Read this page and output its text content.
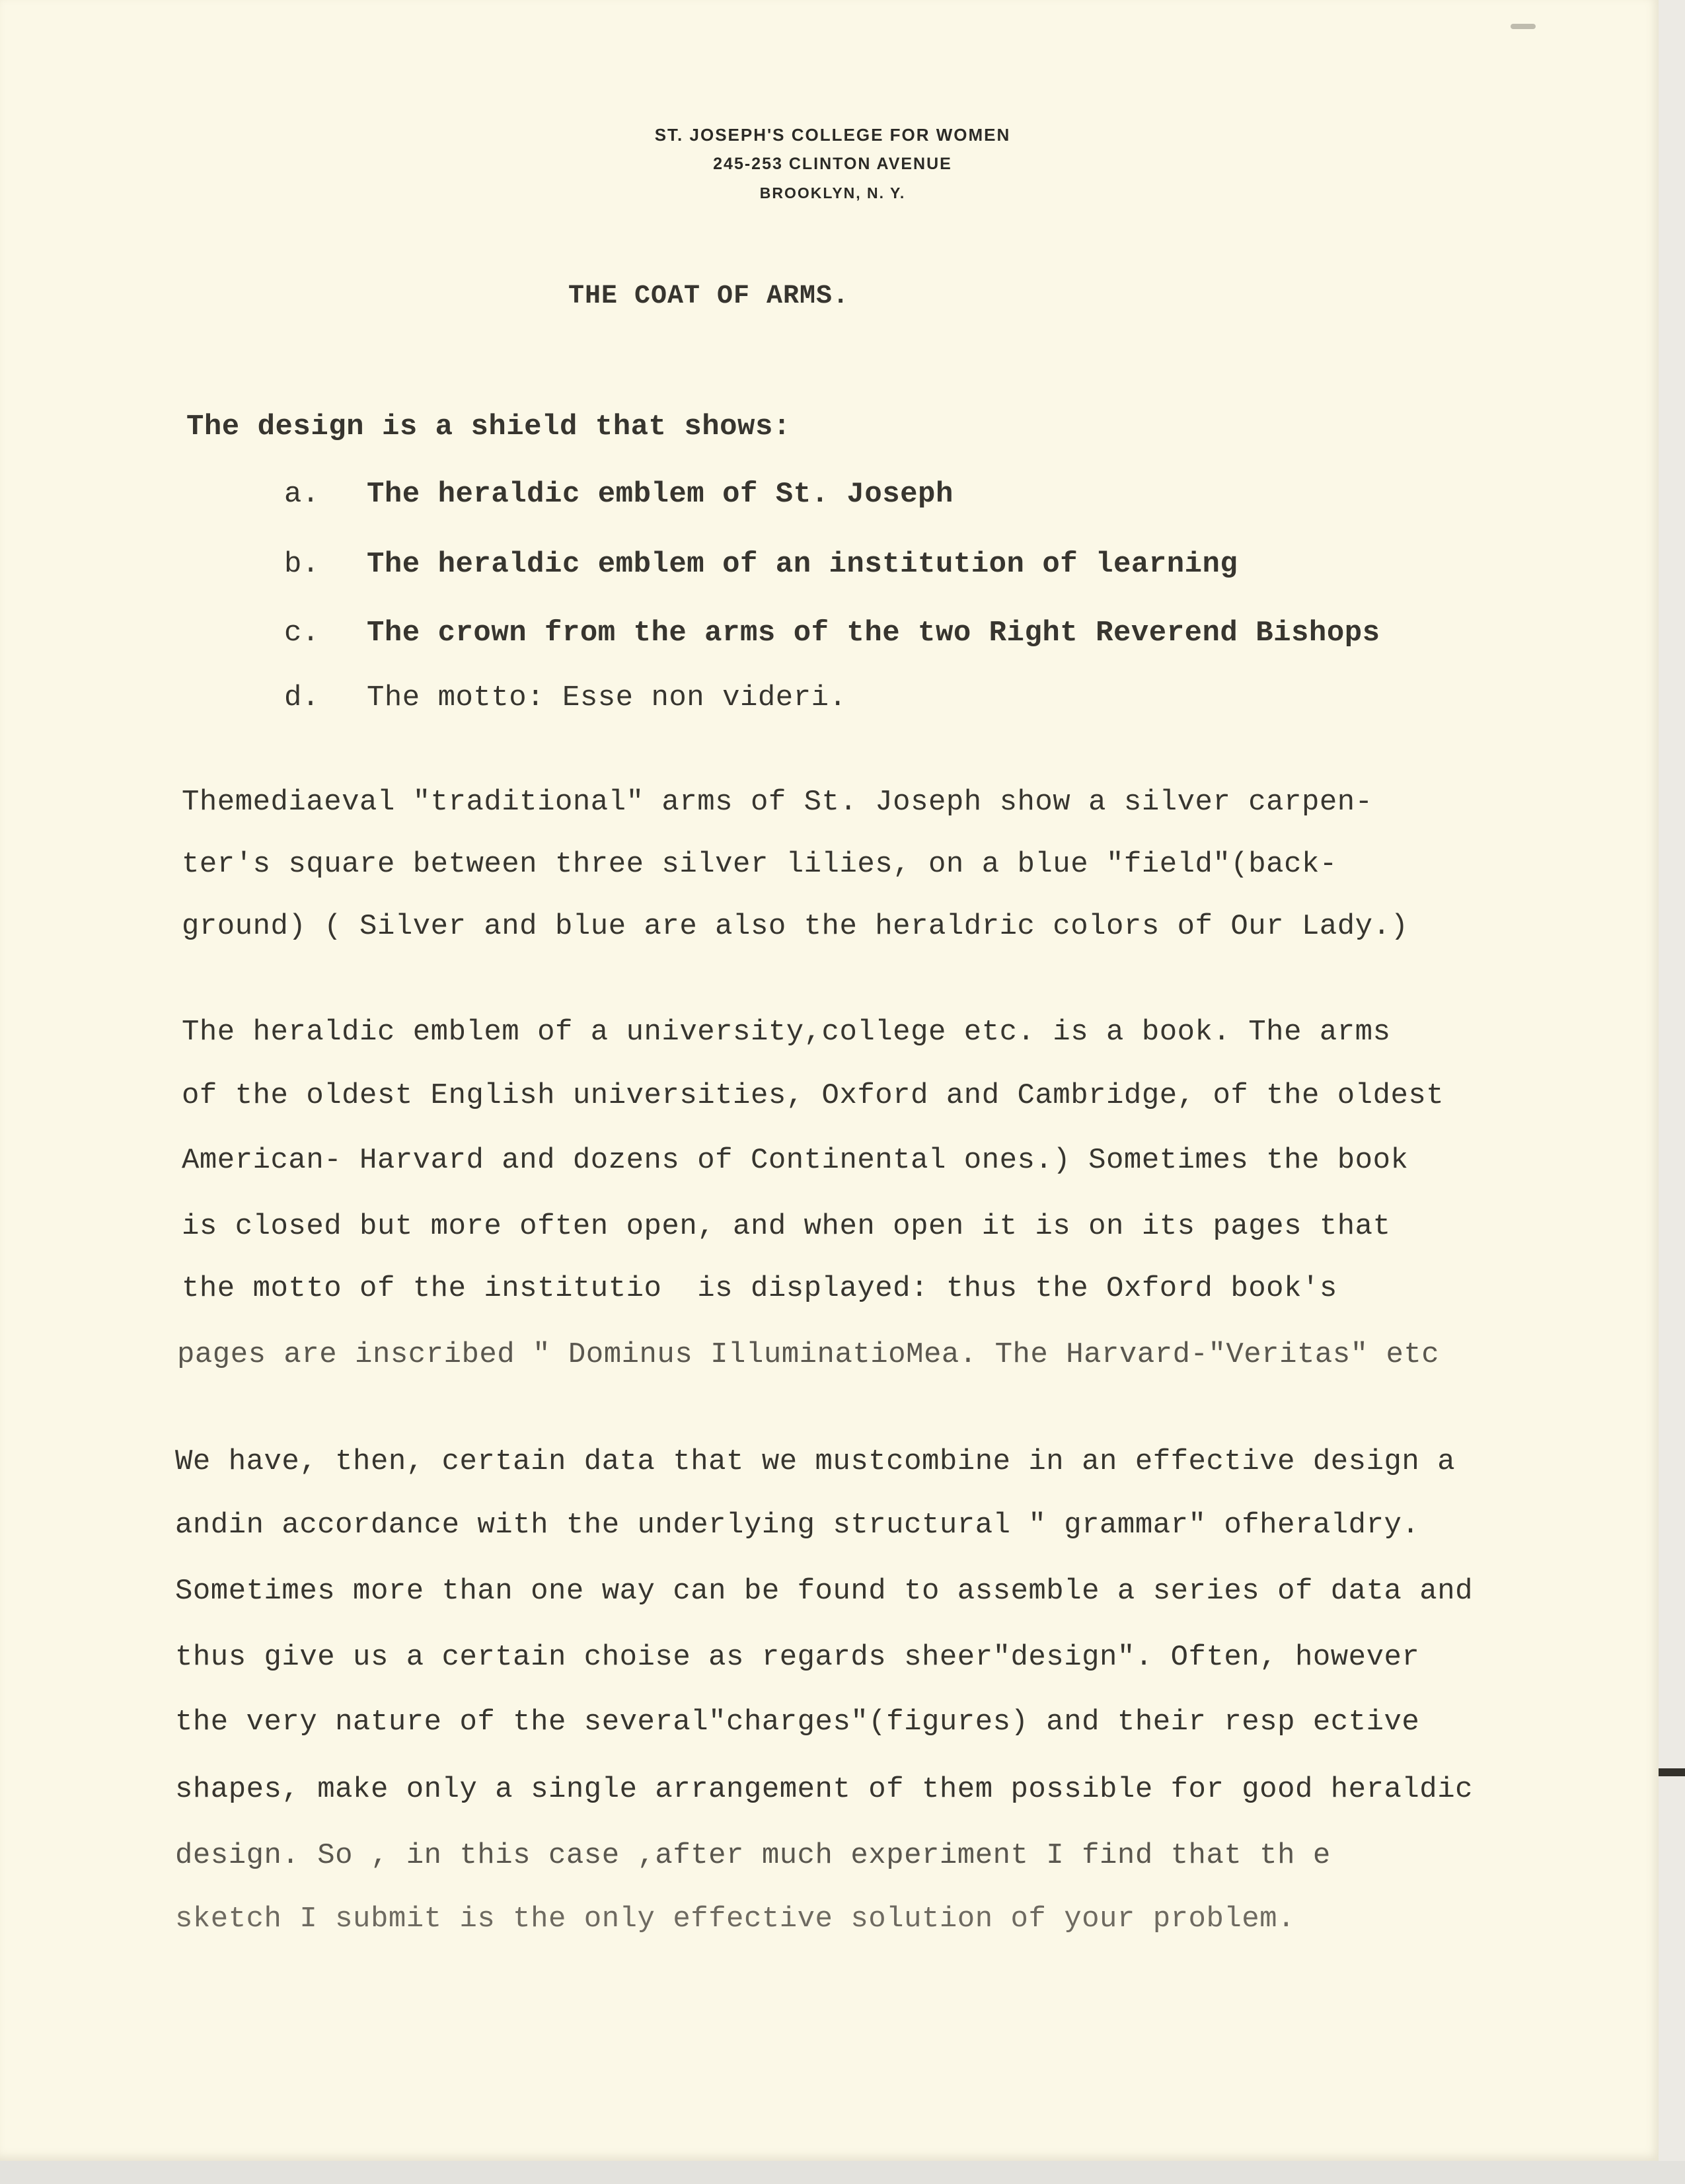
ST. JOSEPH'S COLLEGE FOR WOMEN
245-253 CLINTON AVENUE
BROOKLYN, N. Y.
THE COAT OF ARMS.
The design is a shield that shows:
a. The heraldic emblem of St. Joseph
b. The heraldic emblem of an institution of learning
c. The crown from the arms of the two Right Reverend Bishops
d. The motto: Esse non videri.
Themediaeval "traditional" arms of St. Joseph show a silver carpen-
ter's square between three silver lilies, on a blue "field"(back-
ground) ( Silver and blue are also the heraldric colors of Our Lady.)
The heraldic emblem of a university,college etc. is a book. The arms
of the oldest English universities, Oxford and Cambridge, of the oldest
American- Harvard and dozens of Continental ones.) Sometimes the book
is closed but more often open, and when open it is on its pages that
the motto of the institutio  is displayed: thus the Oxford book's
pages are inscribed " Dominus IlluminatioMea. The Harvard-"Veritas" etc
We have, then, certain data that we mustcombine in an effective design a
andin accordance with the underlying structural " grammar" ofheraldry.
Sometimes more than one way can be found to assemble a series of data and
thus give us a certain choise as regards sheer"design". Often, however
the very nature of the several"charges"(figures) and their resp ective
shapes, make only a single arrangement of them possible for good heraldic
design. So , in this case ,after much experiment I find that th e
sketch I submit is the only effective solution of your problem.
